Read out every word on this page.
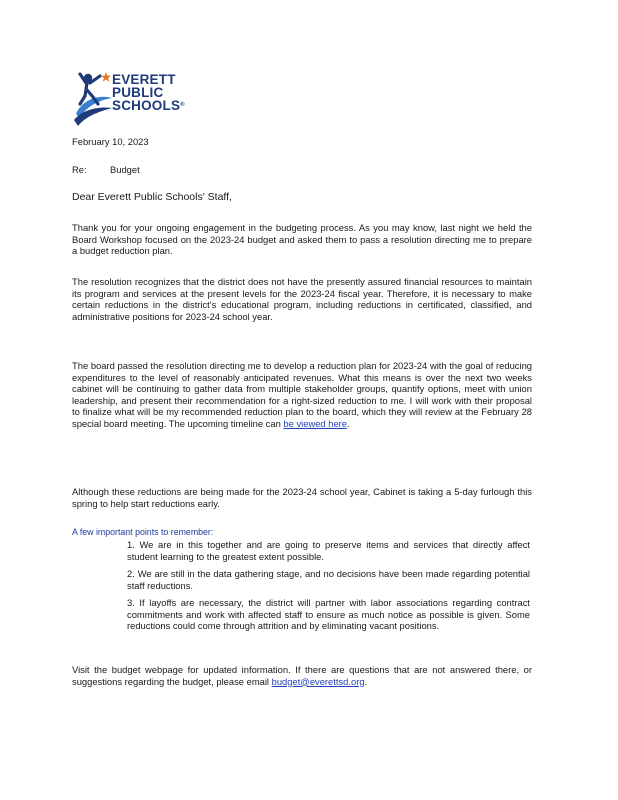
EVERETT
PUBLIC
SCHOOLS®
February 10, 2023
Re: Budget
Dear Everett Public Schools' Staff,
Thank you for your ongoing engagement in the budgeting process. As you may know, last night we held the Board Workshop focused on the 2023-24 budget and asked them to pass a resolution directing me to prepare a budget reduction plan.
The resolution recognizes that the district does not have the presently assured financial resources to maintain its program and services at the present levels for the 2023-24 fiscal year. Therefore, it is necessary to make certain reductions in the district's educational program, including reductions in certificated, classified, and administrative positions for 2023-24 school year.
The board passed the resolution directing me to develop a reduction plan for 2023-24 with the goal of reducing expenditures to the level of reasonably anticipated revenues. What this means is over the next two weeks cabinet will be continuing to gather data from multiple stakeholder groups, quantify options, meet with union leadership, and present their recommendation for a right-sized reduction to me. I will work with their proposal to finalize what will be my recommended reduction plan to the board, which they will review at the February 28 special board meeting. The upcoming timeline can be viewed here.
Although these reductions are being made for the 2023-24 school year, Cabinet is taking a 5-day furlough this spring to help start reductions early.
A few important points to remember:
1. We are in this together and are going to preserve items and services that directly affect student learning to the greatest extent possible.
2. We are still in the data gathering stage, and no decisions have been made regarding potential staff reductions.
3. If layoffs are necessary, the district will partner with labor associations regarding contract commitments and work with affected staff to ensure as much notice as possible is given. Some reductions could come through attrition and by eliminating vacant positions.
Visit the budget webpage for updated information. If there are questions that are not answered there, or suggestions regarding the budget, please email budget@everettsd.org.
